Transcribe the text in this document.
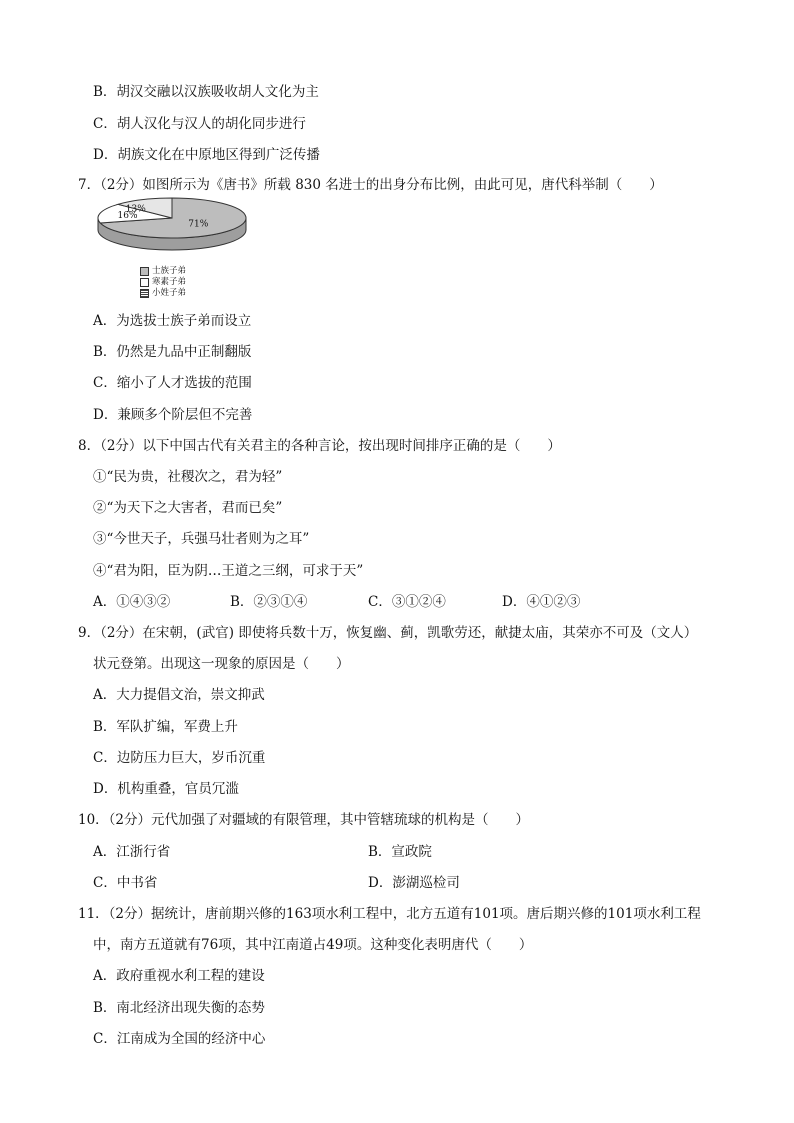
B．胡汉交融以汉族吸收胡人文化为主
C．胡人汉化与汉人的胡化同步进行
D．胡族文化在中原地区得到广泛传播
7．（2分）如图所示为《唐书》所载 830 名进士的出身分布比例，由此可见，唐代科举制（　　）
71%
16%
13%
士族子弟
寒素子弟
小姓子弟
A．为选拔士族子弟而设立
B．仍然是九品中正制翻版
C．缩小了人才选拔的范围
D．兼顾多个阶层但不完善
8．（2分）以下中国古代有关君主的各种言论，按出现时间排序正确的是（　　）
①“民为贵，社稷次之，君为轻”
②“为天下之大害者，君而已矣”
③“今世天子，兵强马壮者则为之耳”
④“君为阳，臣为阴…王道之三纲，可求于天”
A．①④③②	B．②③①④	C．③①②④	D．④①②③
9．（2分）在宋朝，(武官) 即使将兵数十万，恢复幽、蓟，凯歌劳还，献捷太庙，其荣亦不可及（文人）
状元登第。出现这一现象的原因是（　　）
A．大力提倡文治，崇文抑武
B．军队扩编，军费上升
C．边防压力巨大，岁币沉重
D．机构重叠，官员冗滥
10．（2分）元代加强了对疆域的有限管理，其中管辖琉球的机构是（　　）
A．江浙行省	B．宣政院
C．中书省	D．澎湖巡检司
11．（2分）据统计，唐前期兴修的163项水利工程中，北方五道有101项。唐后期兴修的101项水利工程
中，南方五道就有76项，其中江南道占49项。这种变化表明唐代（　　）
A．政府重视水利工程的建设
B．南北经济出现失衡的态势
C．江南成为全国的经济中心
